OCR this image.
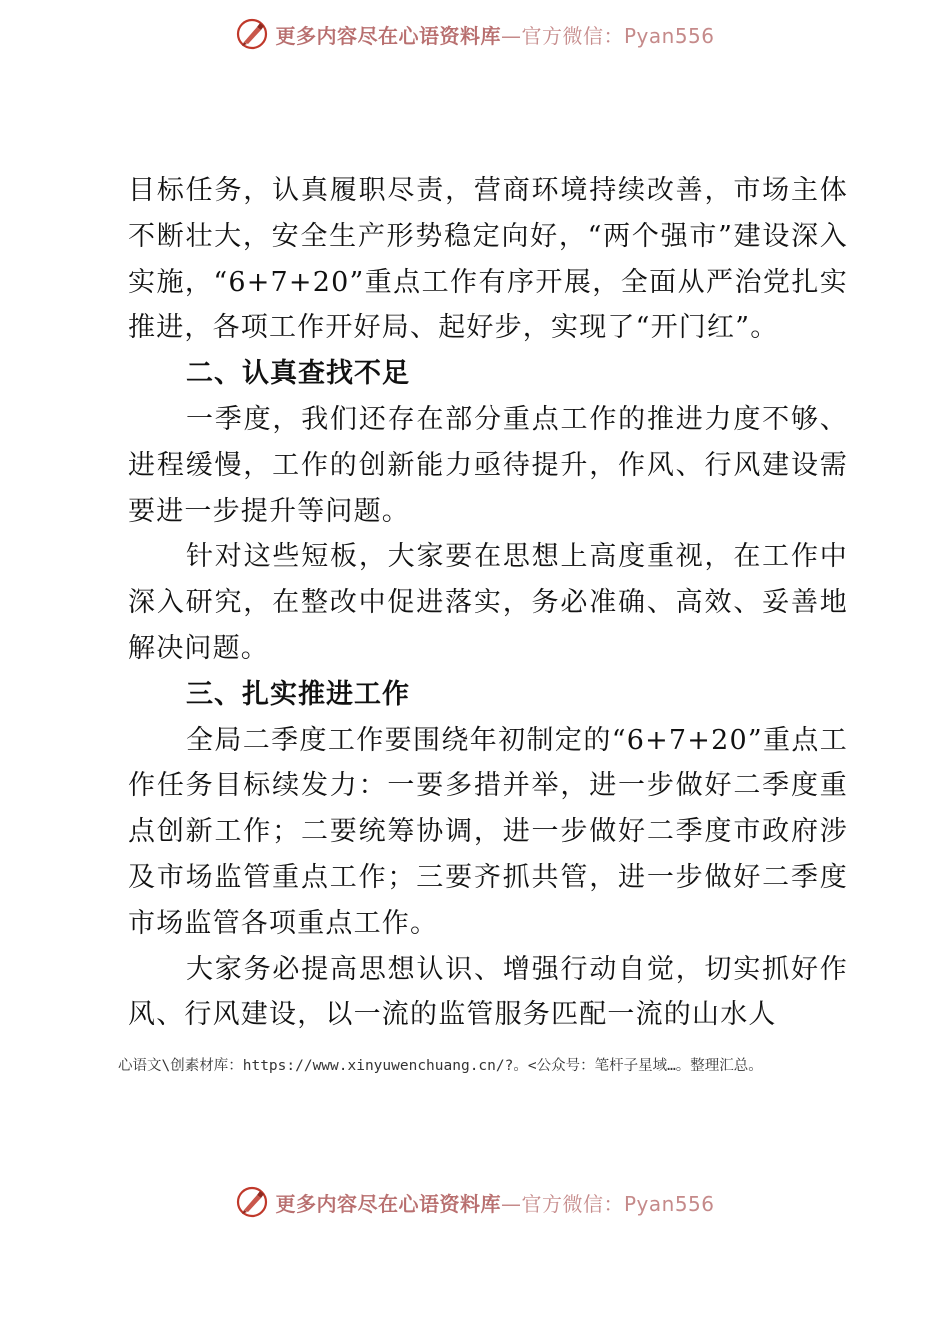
更多内容尽在心语资料库—官方微信：Pyan556

目标任务，认真履职尽责，营商环境持续改善，市场主体不断壮大，安全生产形势稳定向好，“两个强市”建设深入实施，“6+7+20”重点工作有序开展，全面从严治党扎实推进，各项工作开好局、起好步，实现了“开门红”。

二、认真查找不足

一季度，我们还存在部分重点工作的推进力度不够、进程缓慢，工作的创新能力亟待提升，作风、行风建设需要进一步提升等问题。

针对这些短板，大家要在思想上高度重视，在工作中深入研究，在整改中促进落实，务必准确、高效、妥善地解决问题。

三、扎实推进工作

全局二季度工作要围绕年初制定的“6+7+20”重点工作任务目标续发力：一要多措并举，进一步做好二季度重点创新工作；二要统筹协调，进一步做好二季度市政府涉及市场监管重点工作；三要齐抓共管，进一步做好二季度市场监管各项重点工作。

大家务必提高思想认识、增强行动自觉，切实抓好作风、行风建设，以一流的监管服务匹配一流的山水人

心语文\创素材库：https://www.xinyuwenchuang.cn/?。<公众号：笔杆子星域…。整理汇总。
更多内容尽在心语资料库—官方微信：Pyan556
